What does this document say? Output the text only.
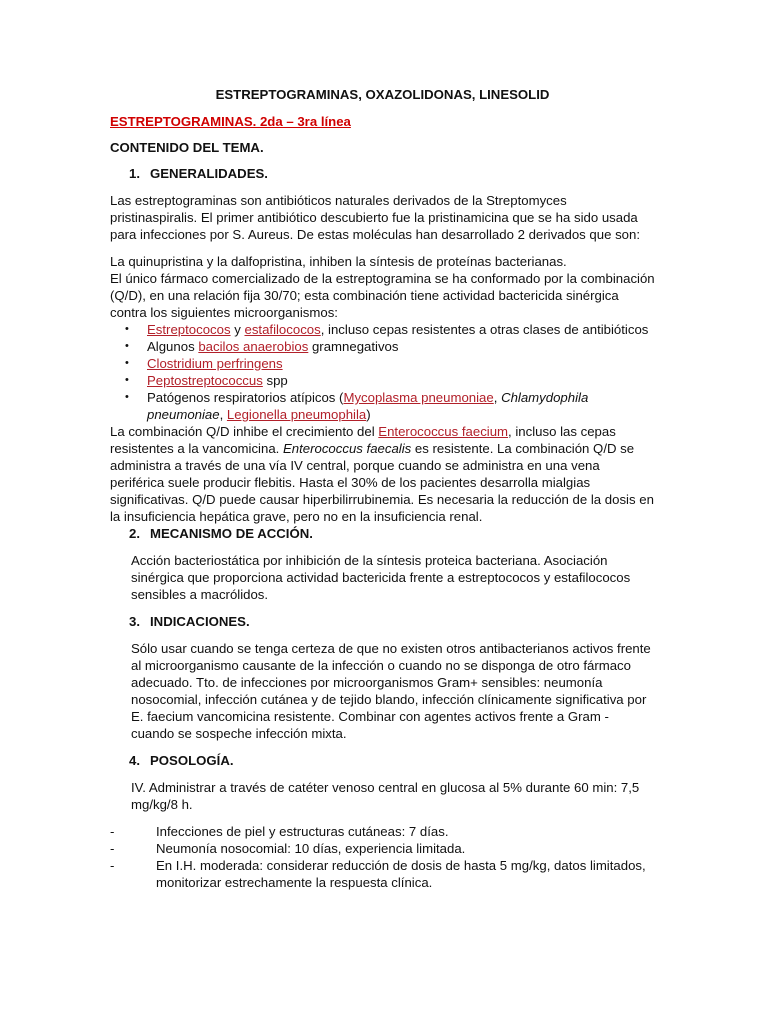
ESTREPTOGRAMINAS, OXAZOLIDONAS, LINESOLID

ESTREPTOGRAMINAS. 2da – 3ra línea

CONTENIDO DEL TEMA.

1. GENERALIDADES.

Las estreptograminas son antibióticos naturales derivados de la Streptomyces pristinaspiralis. El primer antibiótico descubierto fue la pristinamicina que se ha sido usada para infecciones por S. Aureus. De estas moléculas han desarrollado 2 derivados que son:

La quinupristina y la dalfopristina, inhiben la síntesis de proteínas bacterianas.

El único fármaco comercializado de la estreptogramina se ha conformado por la combinación (Q/D), en una relación fija 30/70; esta combinación tiene actividad bactericida sinérgica contra los siguientes microorganismos:

• Estreptococos y estafilococos, incluso cepas resistentes a otras clases de antibióticos
• Algunos bacilos anaerobios gramnegativos
• Clostridium perfringens
• Peptostreptococcus spp
• Patógenos respiratorios atípicos (Mycoplasma pneumoniae, Chlamydophila pneumoniae, Legionella pneumophila)

La combinación Q/D inhibe el crecimiento del Enterococcus faecium, incluso las cepas resistentes a la vancomicina. Enterococcus faecalis es resistente. La combinación Q/D se administra a través de una vía IV central, porque cuando se administra en una vena periférica suele producir flebitis. Hasta el 30% de los pacientes desarrolla mialgias significativas. Q/D puede causar hiperbilirrubinemia. Es necesaria la reducción de la dosis en la insuficiencia hepática grave, pero no en la insuficiencia renal.

2. MECANISMO DE ACCIÓN.

Acción bacteriostática por inhibición de la síntesis proteica bacteriana. Asociación sinérgica que proporciona actividad bactericida frente a estreptococos y estafilococos sensibles a macrólidos.

3. INDICACIONES.

Sólo usar cuando se tenga certeza de que no existen otros antibacterianos activos frente al microorganismo causante de la infección o cuando no se disponga de otro fármaco adecuado. Tto. de infecciones por microorganismos Gram+ sensibles: neumonía nosocomial, infección cutánea y de tejido blando, infección clínicamente significativa por E. faecium vancomicina resistente. Combinar con agentes activos frente a Gram - cuando se sospeche infección mixta.

4. POSOLOGÍA.

IV. Administrar a través de catéter venoso central en glucosa al 5% durante 60 min: 7,5 mg/kg/8 h.

- Infecciones de piel y estructuras cutáneas: 7 días.
- Neumonía nosocomial: 10 días, experiencia limitada.
- En I.H. moderada: considerar reducción de dosis de hasta 5 mg/kg, datos limitados, monitorizar estrechamente la respuesta clínica.
